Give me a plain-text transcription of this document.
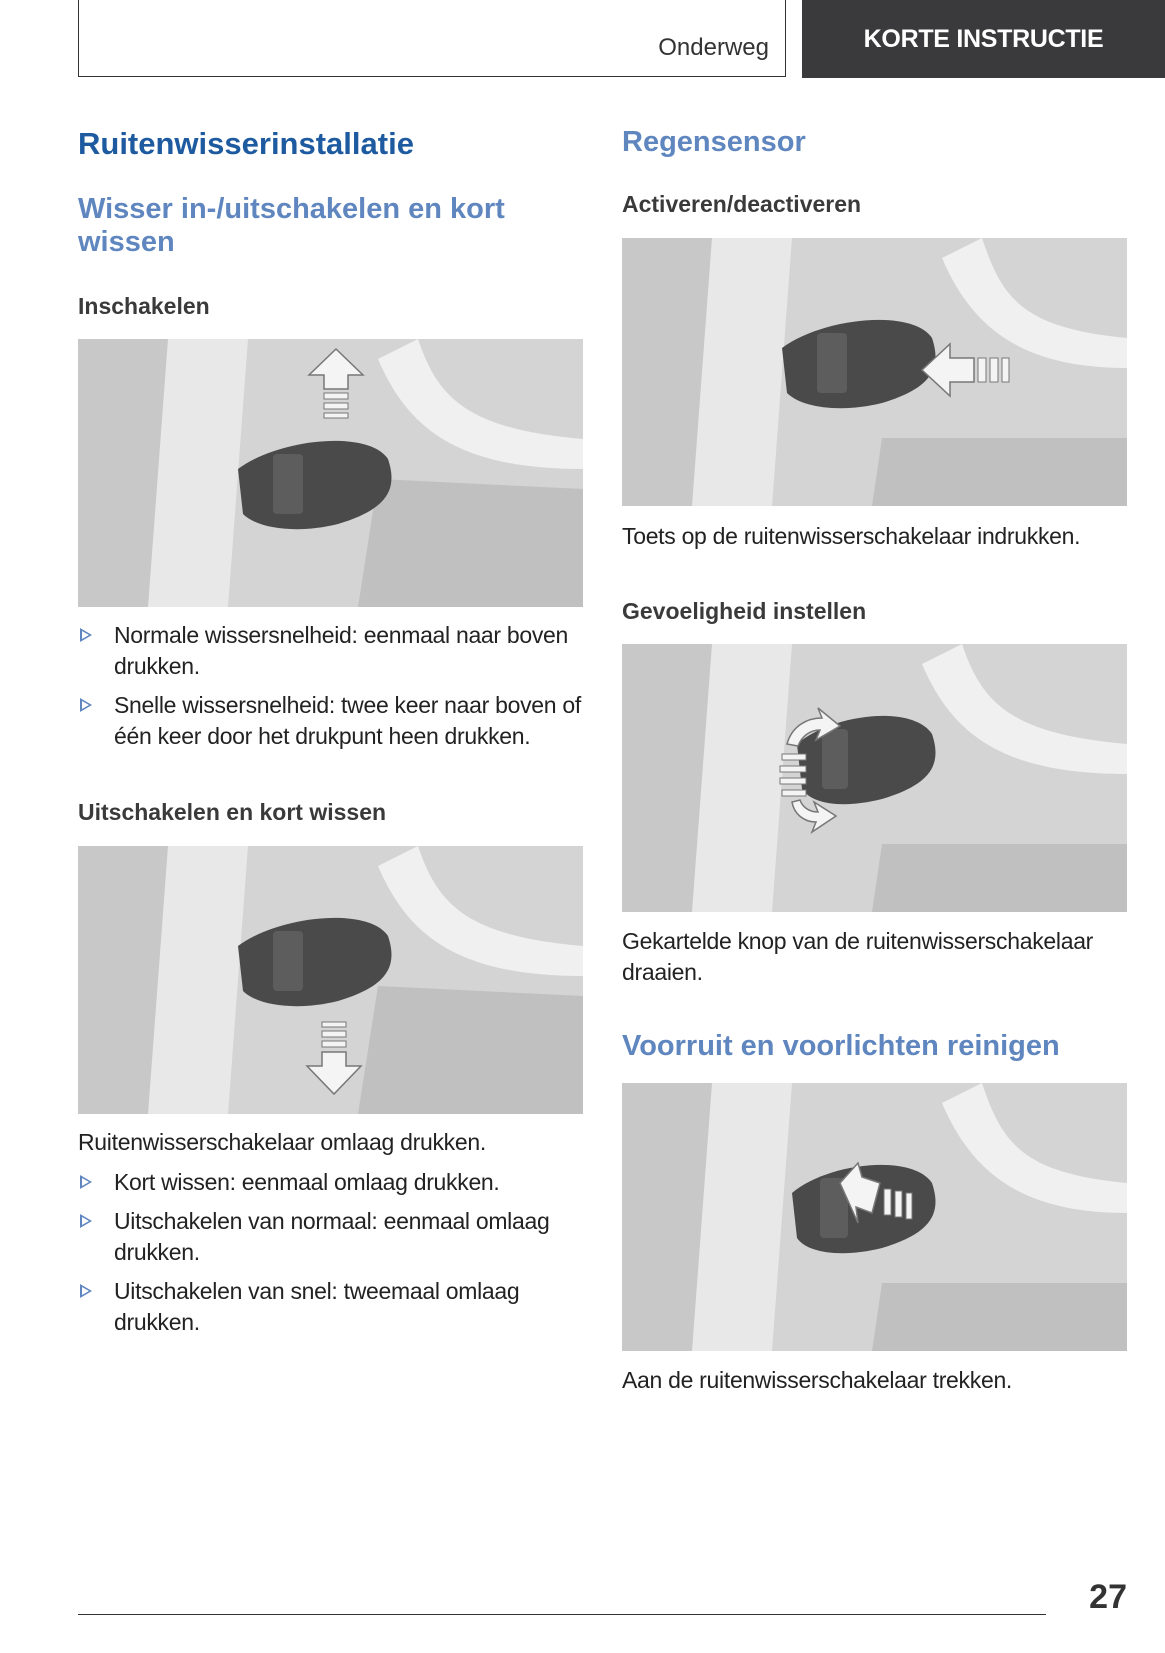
Onderweg	KORTE INSTRUCTIE
Ruitenwisserinstallatie
Wisser in-/uitschakelen en kort wissen
Inschakelen
Normale wissersnelheid: eenmaal naar boven drukken.
Snelle wissersnelheid: twee keer naar boven of één keer door het drukpunt heen drukken.
Uitschakelen en kort wissen

Ruitenwisserschakelaar omlaag drukken.

Kort wissen: eenmaal omlaag drukken.
Uitschakelen van normaal: eenmaal omlaag drukken.
Uitschakelen van snel: tweemaal omlaag drukken.
Regensensor
Activeren/deactiveren

Toets op de ruitenwisserschakelaar indrukken.

Gevoeligheid instellen

Gekartelde knop van de ruitenwisserschakelaar draaien.

Voorruit en voorlichten reinigen

Aan de ruitenwisserschakelaar trekken.

27
